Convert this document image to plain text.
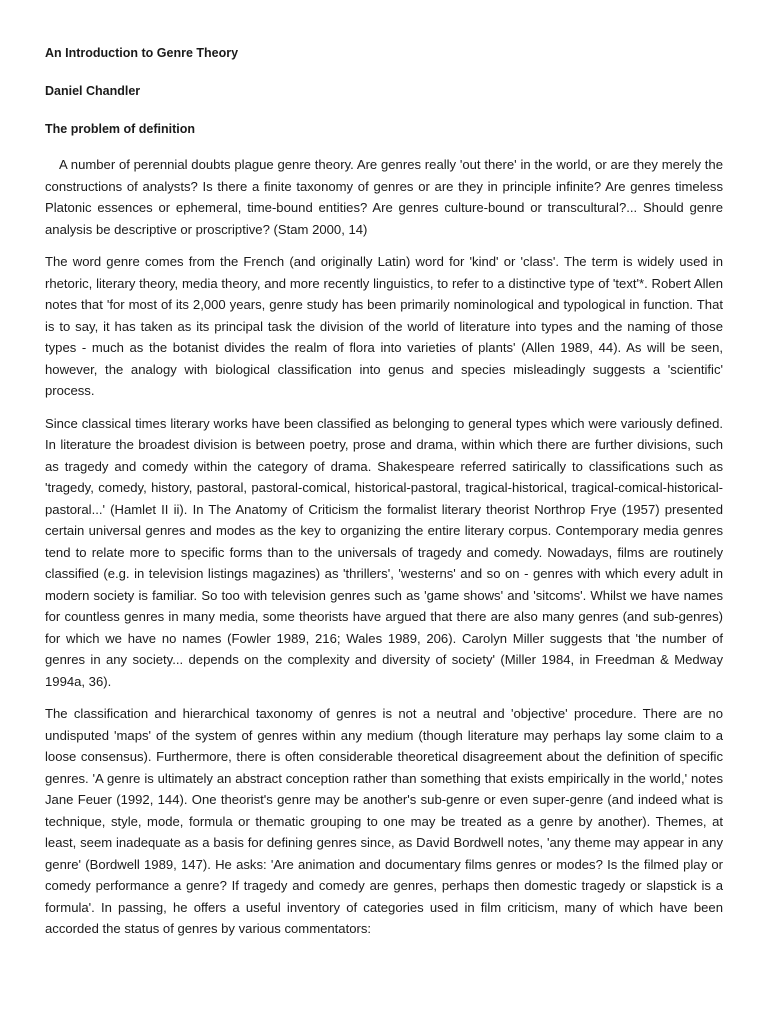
An Introduction to Genre Theory
Daniel Chandler
The problem of definition

A number of perennial doubts plague genre theory. Are genres really 'out there' in the world, or are they merely the constructions of analysts? Is there a finite taxonomy of genres or are they in principle infinite? Are genres timeless Platonic essences or ephemeral, time-bound entities? Are genres culture-bound or transcultural?... Should genre analysis be descriptive or proscriptive? (Stam 2000, 14)

The word genre comes from the French (and originally Latin) word for 'kind' or 'class'. The term is widely used in rhetoric, literary theory, media theory, and more recently linguistics, to refer to a distinctive type of 'text'*. Robert Allen notes that 'for most of its 2,000 years, genre study has been primarily nominological and typological in function. That is to say, it has taken as its principal task the division of the world of literature into types and the naming of those types - much as the botanist divides the realm of flora into varieties of plants' (Allen 1989, 44). As will be seen, however, the analogy with biological classification into genus and species misleadingly suggests a 'scientific' process.

Since classical times literary works have been classified as belonging to general types which were variously defined. In literature the broadest division is between poetry, prose and drama, within which there are further divisions, such as tragedy and comedy within the category of drama. Shakespeare referred satirically to classifications such as 'tragedy, comedy, history, pastoral, pastoral-comical, historical-pastoral, tragical-historical, tragical-comical-historical-pastoral...' (Hamlet II ii). In The Anatomy of Criticism the formalist literary theorist Northrop Frye (1957) presented certain universal genres and modes as the key to organizing the entire literary corpus. Contemporary media genres tend to relate more to specific forms than to the universals of tragedy and comedy. Nowadays, films are routinely classified (e.g. in television listings magazines) as 'thrillers', 'westerns' and so on - genres with which every adult in modern society is familiar. So too with television genres such as 'game shows' and 'sitcoms'. Whilst we have names for countless genres in many media, some theorists have argued that there are also many genres (and sub-genres) for which we have no names (Fowler 1989, 216; Wales 1989, 206). Carolyn Miller suggests that 'the number of genres in any society... depends on the complexity and diversity of society' (Miller 1984, in Freedman & Medway 1994a, 36).

The classification and hierarchical taxonomy of genres is not a neutral and 'objective' procedure. There are no undisputed 'maps' of the system of genres within any medium (though literature may perhaps lay some claim to a loose consensus). Furthermore, there is often considerable theoretical disagreement about the definition of specific genres. 'A genre is ultimately an abstract conception rather than something that exists empirically in the world,' notes Jane Feuer (1992, 144). One theorist's genre may be another's sub-genre or even super-genre (and indeed what is technique, style, mode, formula or thematic grouping to one may be treated as a genre by another). Themes, at least, seem inadequate as a basis for defining genres since, as David Bordwell notes, 'any theme may appear in any genre' (Bordwell 1989, 147). He asks: 'Are animation and documentary films genres or modes? Is the filmed play or comedy performance a genre? If tragedy and comedy are genres, perhaps then domestic tragedy or slapstick is a formula'. In passing, he offers a useful inventory of categories used in film criticism, many of which have been accorded the status of genres by various commentators:
